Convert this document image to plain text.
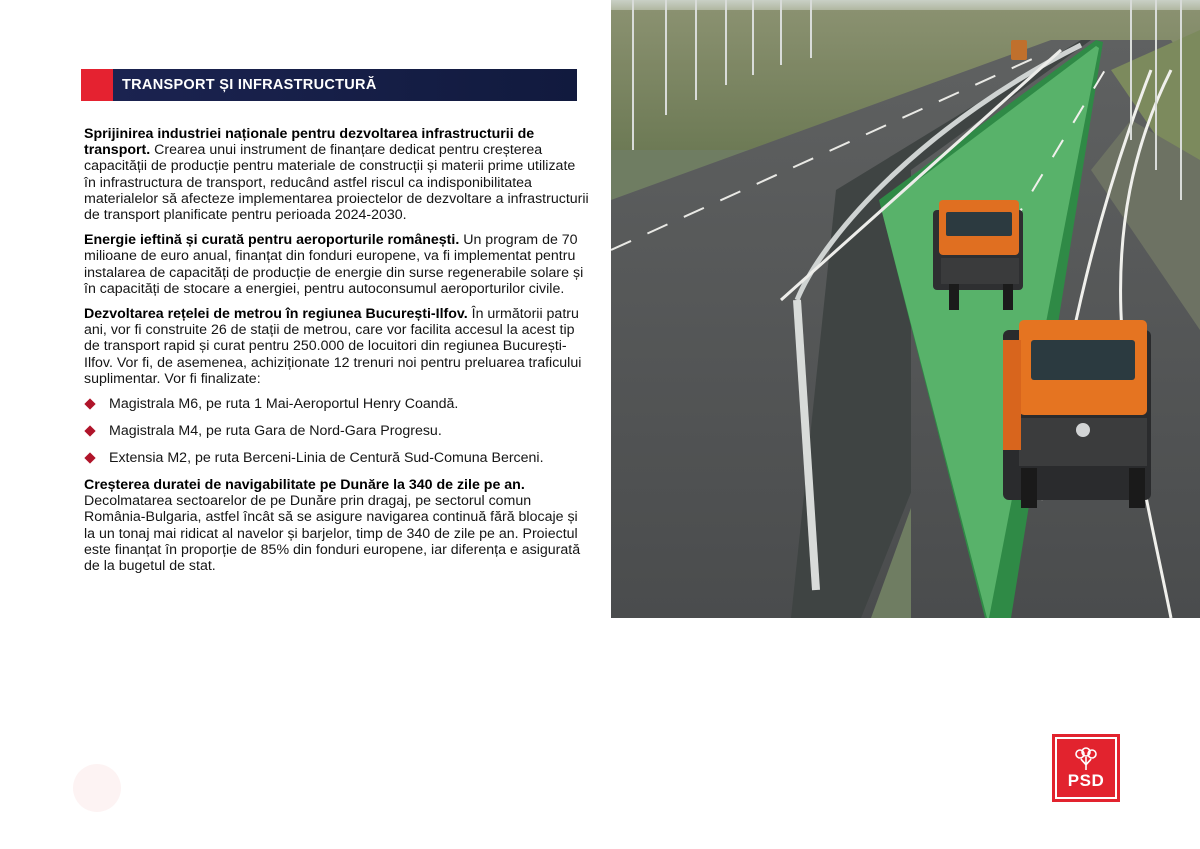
TRANSPORT ȘI INFRASTRUCTURĂ

Sprijinirea industriei naționale pentru dezvoltarea infrastructurii de transport. Crearea unui instrument de finanțare dedicat pentru creșterea capacității de producție pentru materiale de construcții și materii prime utilizate în infrastructura de transport, reducând astfel riscul ca indisponibilitatea materialelor să afecteze implementarea proiectelor de dezvoltare a infrastructurii de transport planificate pentru perioada 2024-2030.

Energie ieftină și curată pentru aeroporturile românești. Un program de 70 milioane de euro anual, finanțat din fonduri europene, va fi implementat pentru instalarea de capacități de producție de energie din surse regenerabile solare și în capacități de stocare a energiei, pentru autoconsumul aeroporturilor civile.

Dezvoltarea rețelei de metrou în regiunea București-Ilfov. În următorii patru ani, vor fi construite 26 de stații de metrou, care vor facilita accesul la acest tip de transport rapid și curat pentru 250.000 de locuitori din regiunea București-Ilfov. Vor fi, de asemenea, achiziționate 12 trenuri noi pentru preluarea traficului suplimentar. Vor fi finalizate:

Magistrala M6, pe ruta 1 Mai-Aeroportul Henry Coandă.
Magistrala M4, pe ruta Gara de Nord-Gara Progresu.
Extensia M2, pe ruta Berceni-Linia de Centură Sud-Comuna Berceni.

Creșterea duratei de navigabilitate pe Dunăre la 340 de zile pe an.
Decolmatarea sectoarelor de pe Dunăre prin dragaj, pe sectorul comun România-Bulgaria, astfel încât să se asigure navigarea continuă fără blocaje și la un tonaj mai ridicat al navelor și barjelor, timp de 340 de zile pe an. Proiectul este finanțat în proporție de 85% din fonduri europene, iar diferența e asigurată de la bugetul de stat.

PSD
